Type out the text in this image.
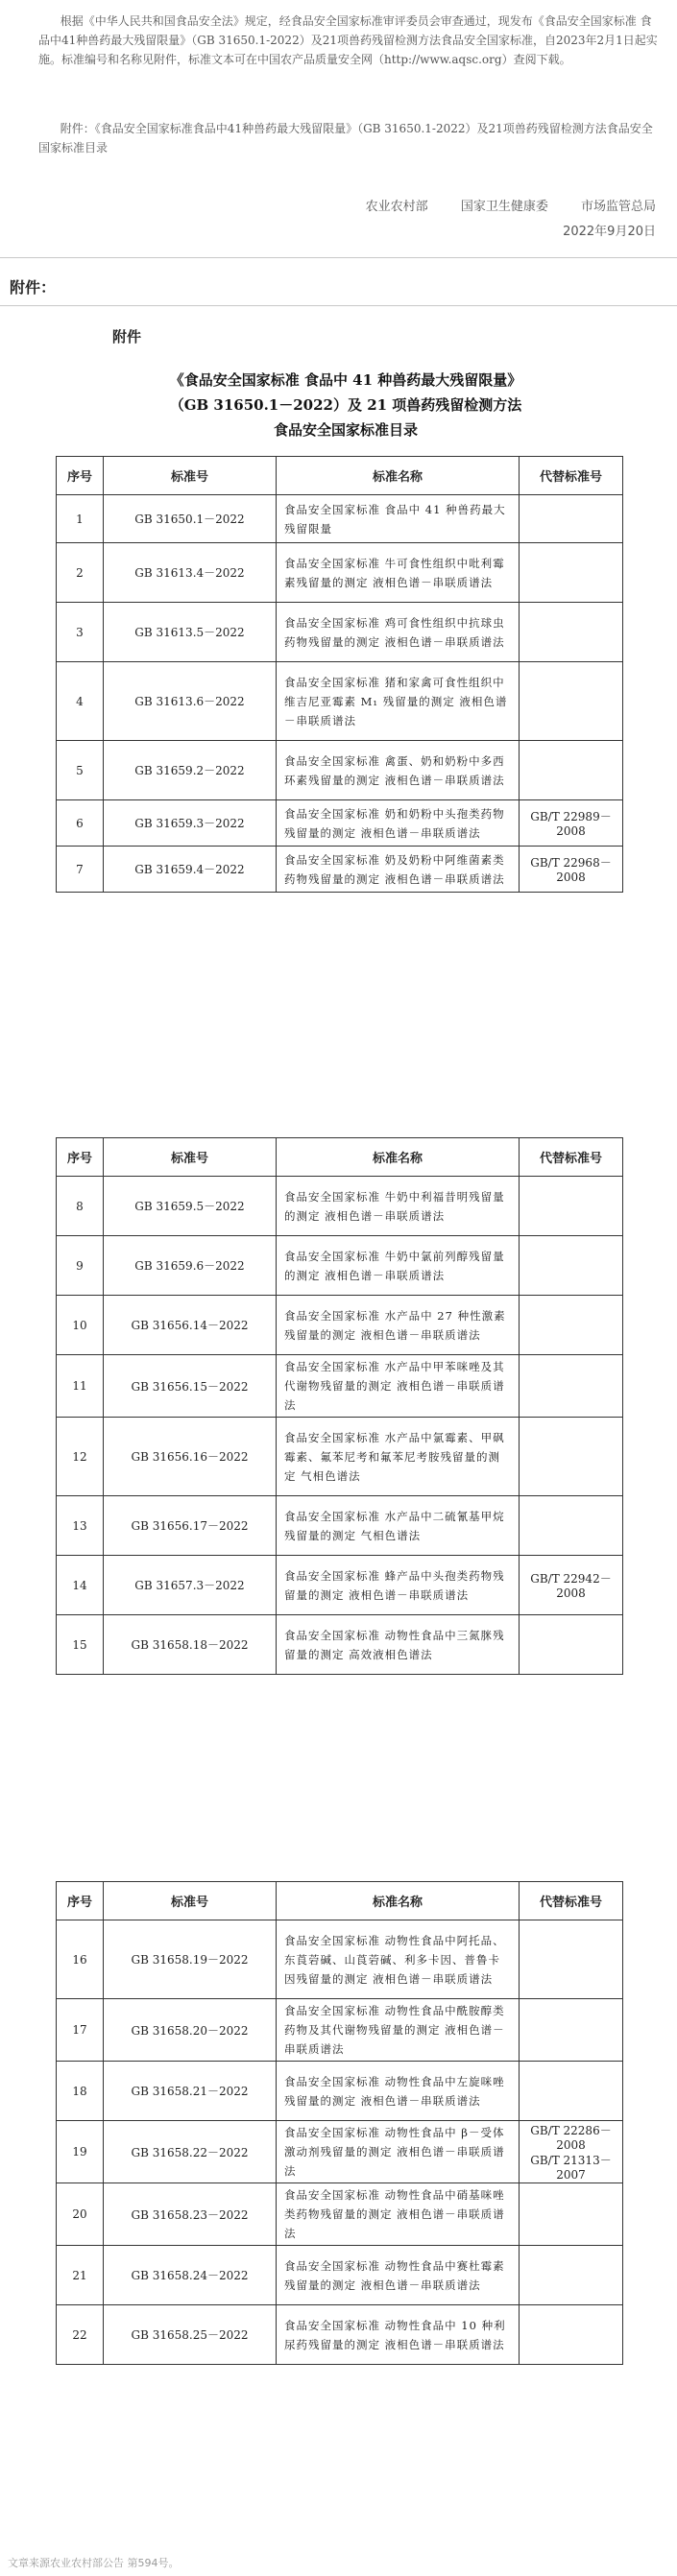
根据《中华人民共和国食品安全法》规定，经食品安全国家标准审评委员会审查通过，现发布《食品安全国家标准 食品中41种兽药最大残留限量》（GB 31650.1-2022）及21项兽药残留检测方法食品安全国家标准，自2023年2月1日起实施。标准编号和名称见附件，标准文本可在中国农产品质量安全网（http://www.aqsc.org）查阅下载。

附件：《食品安全国家标准食品中41种兽药最大残留限量》（GB 31650.1-2022）及21项兽药残留检测方法食品安全国家标准目录

农业农村部	国家卫生健康委	市场监管总局
2022年9月20日
附件：
附件

《食品安全国家标准 食品中 41 种兽药最大残留限量》

（GB 31650.1－2022）及 21 项兽药残留检测方法

食品安全国家标准目录

序号	标准号	标准名称	代替标准号
1	GB 31650.1－2022	食品安全国家标准 食品中 41 种兽药最大残留限量	
2	GB 31613.4－2022	食品安全国家标准 牛可食性组织中吡利霉素残留量的测定 液相色谱－串联质谱法	
3	GB 31613.5－2022	食品安全国家标准 鸡可食性组织中抗球虫药物残留量的测定 液相色谱－串联质谱法	
4	GB 31613.6－2022	食品安全国家标准 猪和家禽可食性组织中维吉尼亚霉素 M₁ 残留量的测定 液相色谱－串联质谱法	
5	GB 31659.2－2022	食品安全国家标准 禽蛋、奶和奶粉中多西环素残留量的测定 液相色谱－串联质谱法	
6	GB 31659.3－2022	食品安全国家标准 奶和奶粉中头孢类药物残留量的测定 液相色谱－串联质谱法	GB/T 22989－2008
7	GB 31659.4－2022	食品安全国家标准 奶及奶粉中阿维菌素类药物残留量的测定 液相色谱－串联质谱法	GB/T 22968－2008
序号	标准号	标准名称	代替标准号
8	GB 31659.5－2022	食品安全国家标准 牛奶中利福昔明残留量的测定 液相色谱－串联质谱法	
9	GB 31659.6－2022	食品安全国家标准 牛奶中氯前列醇残留量的测定 液相色谱－串联质谱法	
10	GB 31656.14－2022	食品安全国家标准 水产品中 27 种性激素残留量的测定 液相色谱－串联质谱法	
11	GB 31656.15－2022	食品安全国家标准 水产品中甲苯咪唑及其代谢物残留量的测定 液相色谱－串联质谱法	
12	GB 31656.16－2022	食品安全国家标准 水产品中氯霉素、甲砜霉素、氟苯尼考和氟苯尼考胺残留量的测定 气相色谱法	
13	GB 31656.17－2022	食品安全国家标准 水产品中二硫氰基甲烷残留量的测定 气相色谱法	
14	GB 31657.3－2022	食品安全国家标准 蜂产品中头孢类药物残留量的测定 液相色谱－串联质谱法	GB/T 22942－2008
15	GB 31658.18－2022	食品安全国家标准 动物性食品中三氮脒残留量的测定 高效液相色谱法	
序号	标准号	标准名称	代替标准号
16	GB 31658.19－2022	食品安全国家标准 动物性食品中阿托品、东莨菪碱、山莨菪碱、利多卡因、普鲁卡因残留量的测定 液相色谱－串联质谱法	
17	GB 31658.20－2022	食品安全国家标准 动物性食品中酰胺醇类药物及其代谢物残留量的测定 液相色谱－串联质谱法	
18	GB 31658.21－2022	食品安全国家标准 动物性食品中左旋咪唑残留量的测定 液相色谱－串联质谱法	
19	GB 31658.22－2022	食品安全国家标准 动物性食品中 β－受体激动剂残留量的测定 液相色谱－串联质谱法	GB/T 22286－2008
GB/T 21313－2007
20	GB 31658.23－2022	食品安全国家标准 动物性食品中硝基咪唑类药物残留量的测定 液相色谱－串联质谱法	
21	GB 31658.24－2022	食品安全国家标准 动物性食品中赛杜霉素残留量的测定 液相色谱－串联质谱法	
22	GB 31658.25－2022	食品安全国家标准 动物性食品中 10 种利尿药残留量的测定 液相色谱－串联质谱法	
文章来源农业农村部公告 第594号。
